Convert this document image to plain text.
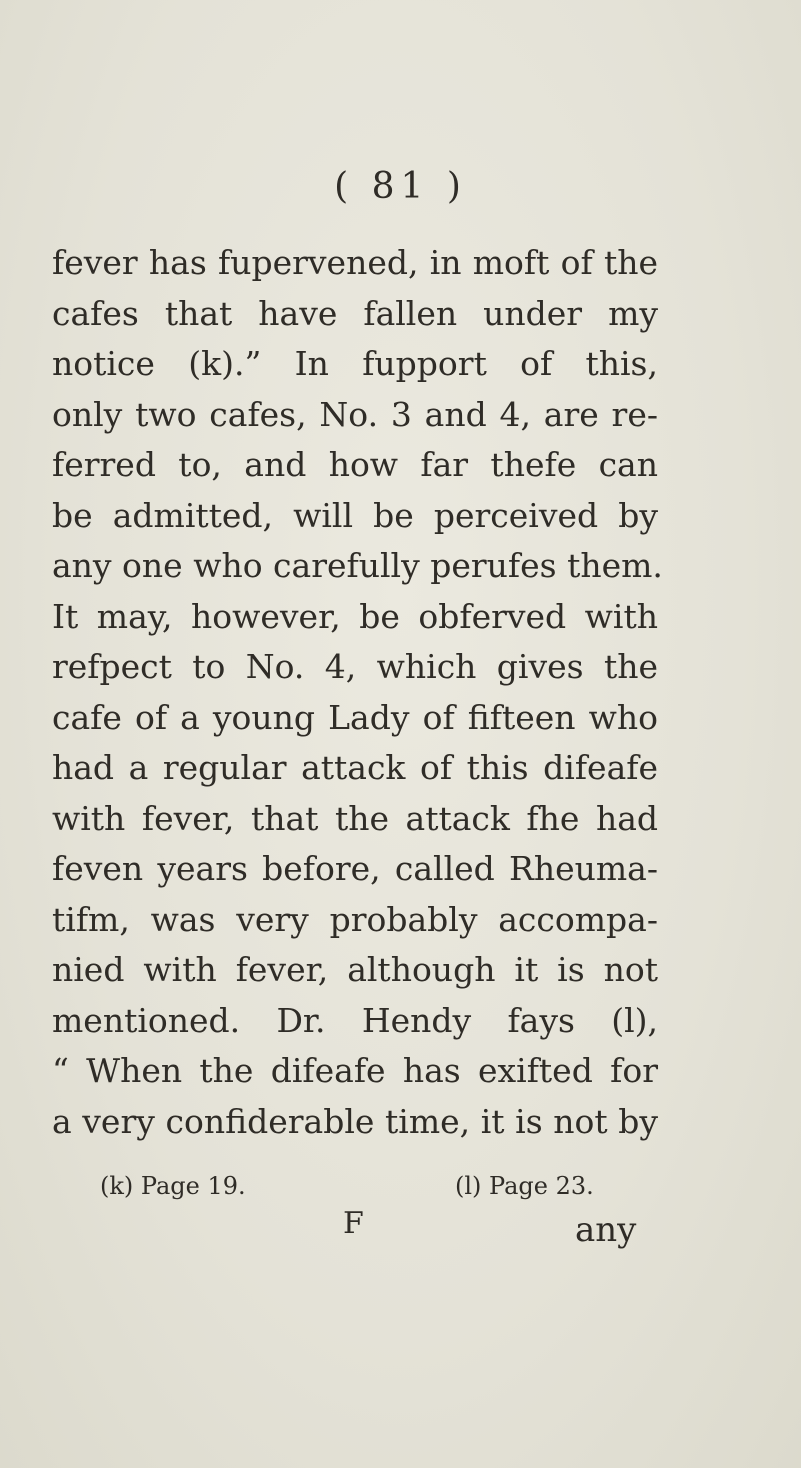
( 81 )
fever has fupervened, in moft of the
cafes that have fallen under my
notice (k).” In fupport of this,
only two cafes, No. 3 and 4, are re-
ferred to, and how far thefe can
be admitted, will be perceived by
any one who carefully perufes them.
It may, however, be obferved with
refpect to No. 4, which gives the
cafe of a young Lady of fifteen who
had a regular attack of this difeafe
with fever, that the attack fhe had
feven years before, called Rheuma-
tifm, was very probably accompa-
nied with fever, although it is not
mentioned. Dr. Hendy fays (l),
“ When the difeafe has exifted for
a very confiderable time, it is not by
(k) Page 19.	(l) Page 23.
F	any
